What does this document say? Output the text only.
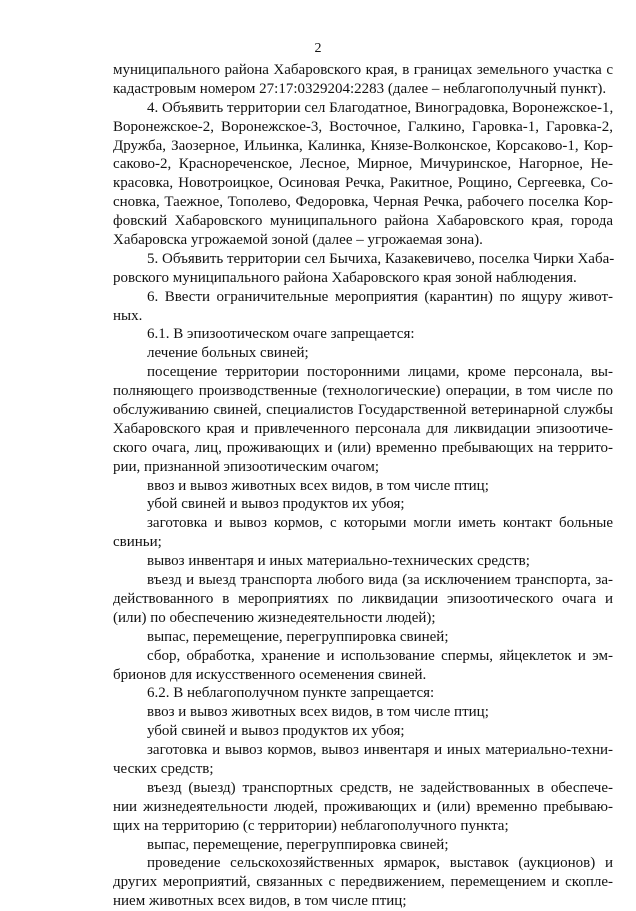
2
муниципального района Хабаровского края, в границах земельного участка с
кадастровым номером 27:17:0329204:2283 (далее – неблагополучный пункт).
4. Объявить территории сел Благодатное, Виноградовка, Воронежское-1,
Воронежское-2, Воронежское-3, Восточное, Галкино, Гаровка-1, Гаровка-2,
Дружба, Заозерное, Ильинка, Калинка, Князе-Волконское, Корсаково-1, Кор-
саково-2, Краснореченское, Лесное, Мирное, Мичуринское, Нагорное, Не-
красовка, Новотроицкое, Осиновая Речка, Ракитное, Рощино, Сергеевка, Со-
сновка, Таежное, Тополево, Федоровка, Черная Речка, рабочего поселка Кор-
фовский Хабаровского муниципального района Хабаровского края, города
Хабаровска угрожаемой зоной (далее – угрожаемая зона).
5. Объявить территории сел Бычиха, Казакевичево, поселка Чирки Хаба-
ровского муниципального района Хабаровского края зоной наблюдения.
6. Ввести ограничительные мероприятия (карантин) по ящуру живот-
ных.
6.1. В эпизоотическом очаге запрещается:
лечение больных свиней;
посещение территории посторонними лицами, кроме персонала, вы-
полняющего производственные (технологические) операции, в том числе по
обслуживанию свиней, специалистов Государственной ветеринарной службы
Хабаровского края и привлеченного персонала для ликвидации эпизоотиче-
ского очага, лиц, проживающих и (или) временно пребывающих на террито-
рии, признанной эпизоотическим очагом;
ввоз и вывоз животных всех видов, в том числе птиц;
убой свиней и вывоз продуктов их убоя;
заготовка и вывоз кормов, с которыми могли иметь контакт больные
свиньи;
вывоз инвентаря и иных материально-технических средств;
въезд и выезд транспорта любого вида (за исключением транспорта, за-
действованного в мероприятиях по ликвидации эпизоотического очага и
(или) по обеспечению жизнедеятельности людей);
выпас, перемещение, перегруппировка свиней;
сбор, обработка, хранение и использование спермы, яйцеклеток и эм-
брионов для искусственного осеменения свиней.
6.2. В неблагополучном пункте запрещается:
ввоз и вывоз животных всех видов, в том числе птиц;
убой свиней и вывоз продуктов их убоя;
заготовка и вывоз кормов, вывоз инвентаря и иных материально-техни-
ческих средств;
въезд (выезд) транспортных средств, не задействованных в обеспече-
нии жизнедеятельности людей, проживающих и (или) временно пребываю-
щих на территорию (с территории) неблагополучного пункта;
выпас, перемещение, перегруппировка свиней;
проведение сельскохозяйственных ярмарок, выставок (аукционов) и
других мероприятий, связанных с передвижением, перемещением и скопле-
нием животных всех видов, в том числе птиц;
